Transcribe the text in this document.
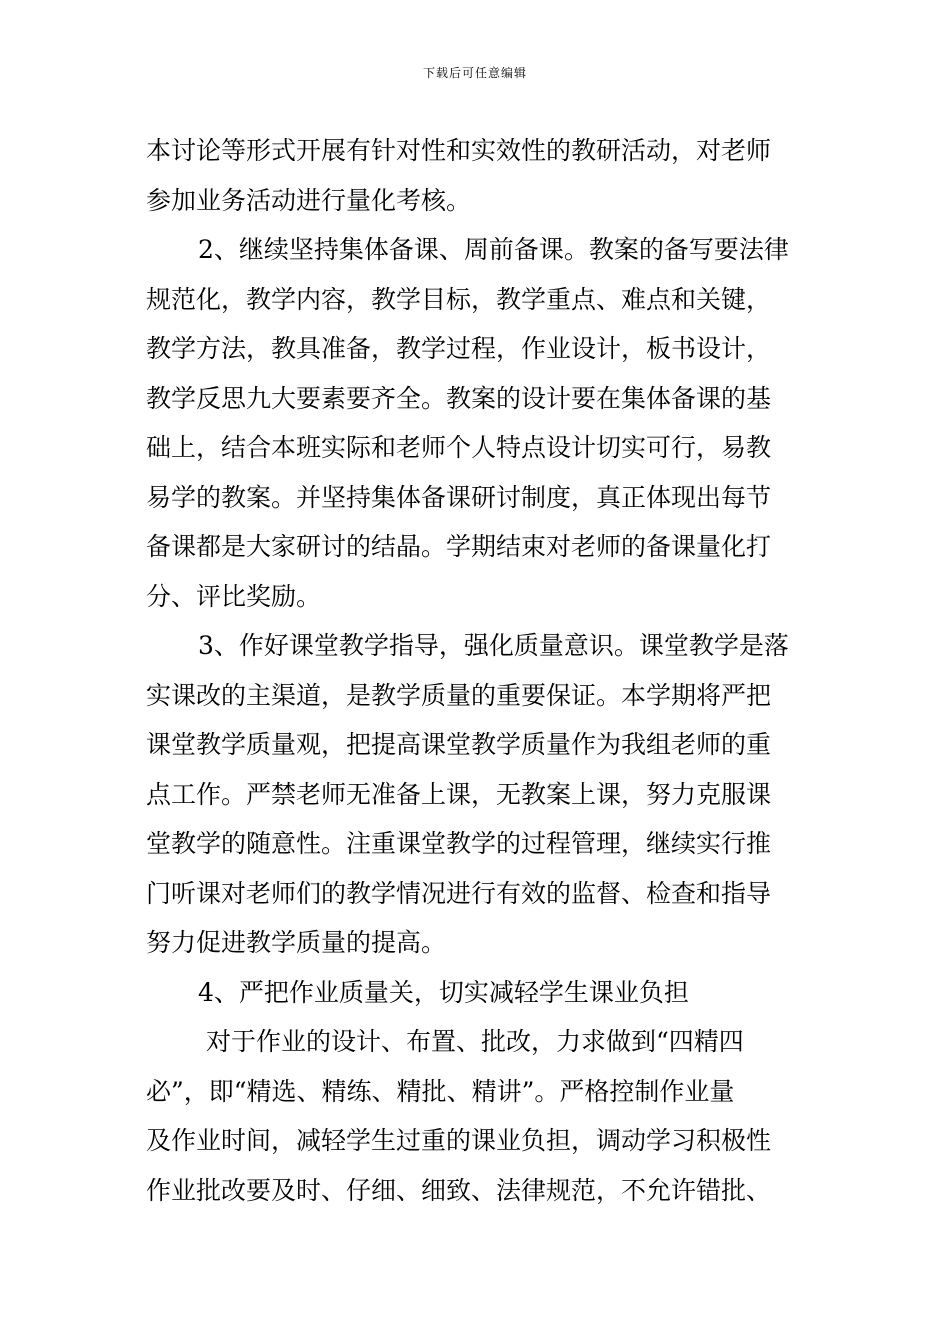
下载后可任意编辑
本讨论等形式开展有针对性和实效性的教研活动，对老师
参加业务活动进行量化考核。
2、继续坚持集体备课、周前备课。教案的备写要法律
规范化，教学内容，教学目标，教学重点、难点和关键，
教学方法，教具准备，教学过程，作业设计，板书设计，
教学反思九大要素要齐全。教案的设计要在集体备课的基
础上，结合本班实际和老师个人特点设计切实可行，易教
易学的教案。并坚持集体备课研讨制度，真正体现出每节
备课都是大家研讨的结晶。学期结束对老师的备课量化打
分、评比奖励。
3、作好课堂教学指导，强化质量意识。课堂教学是落
实课改的主渠道，是教学质量的重要保证。本学期将严把
课堂教学质量观，把提高课堂教学质量作为我组老师的重
点工作。严禁老师无准备上课，无教案上课，努力克服课
堂教学的随意性。注重课堂教学的过程管理，继续实行推
门听课对老师们的教学情况进行有效的监督、检查和指导
努力促进教学质量的提高。
4、严把作业质量关，切实减轻学生课业负担
对于作业的设计、布置、批改，力求做到“四精四
必”，即“精选、精练、精批、精讲”。严格控制作业量
及作业时间，减轻学生过重的课业负担，调动学习积极性
作业批改要及时、仔细、细致、法律规范，不允许错批、
